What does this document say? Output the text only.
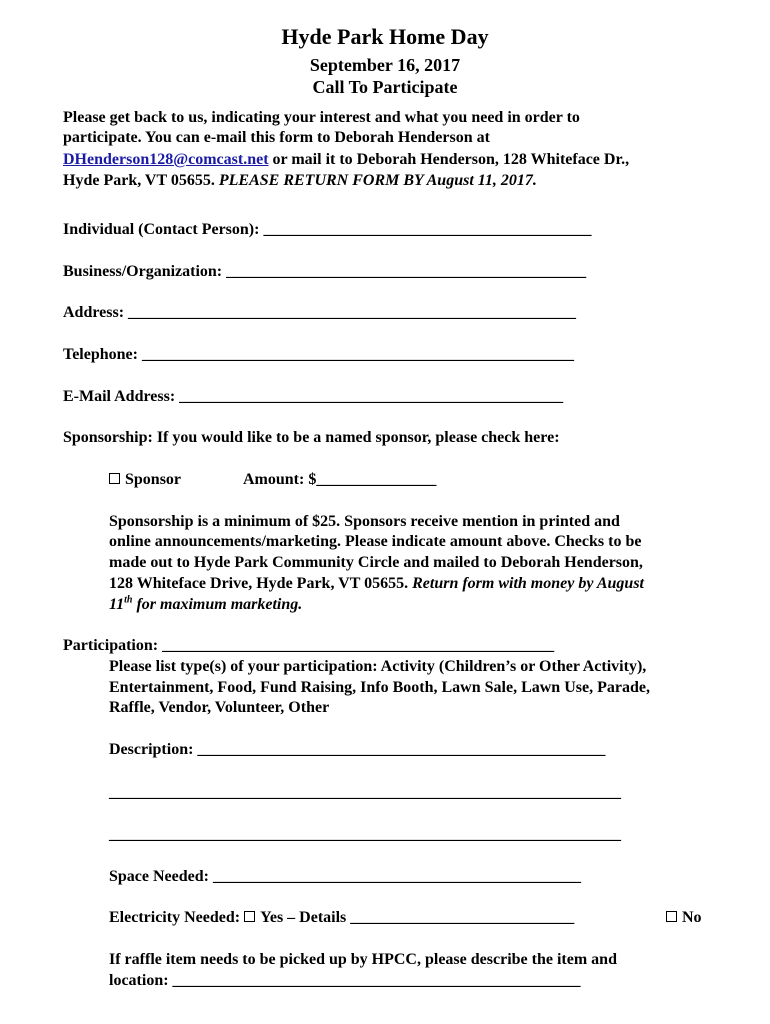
Hyde Park Home Day
September 16, 2017
Call To Participate
Please get back to us, indicating your interest and what you need in order to
participate. You can e-mail this form to Deborah Henderson at
DHenderson128@comcast.net or mail it to Deborah Henderson, 128 Whiteface Dr.,
Hyde Park, VT 05655. PLEASE RETURN FORM BY August 11, 2017.
Individual (Contact Person): _________________________________________
Business/Organization: _____________________________________________
Address: ________________________________________________________
Telephone: ______________________________________________________
E-Mail Address: ________________________________________________
Sponsorship: If you would like to be a named sponsor, please check here:
Sponsor	Amount: $_______________
Sponsorship is a minimum of $25. Sponsors receive mention in printed and
online announcements/marketing. Please indicate amount above. Checks to be
made out to Hyde Park Community Circle and mailed to Deborah Henderson,
128 Whiteface Drive, Hyde Park, VT 05655. Return form with money by August
11th for maximum marketing.
Participation: _________________________________________________
Please list type(s) of your participation: Activity (Children’s or Other Activity),
Entertainment, Food, Fund Raising, Info Booth, Lawn Sale, Lawn Use, Parade,
Raffle, Vendor, Volunteer, Other
Description: ___________________________________________________
________________________________________________________________
________________________________________________________________
Space Needed: ______________________________________________
Electricity Needed: Yes – Details ____________________________	No
If raffle item needs to be picked up by HPCC, please describe the item and
location: ___________________________________________________
